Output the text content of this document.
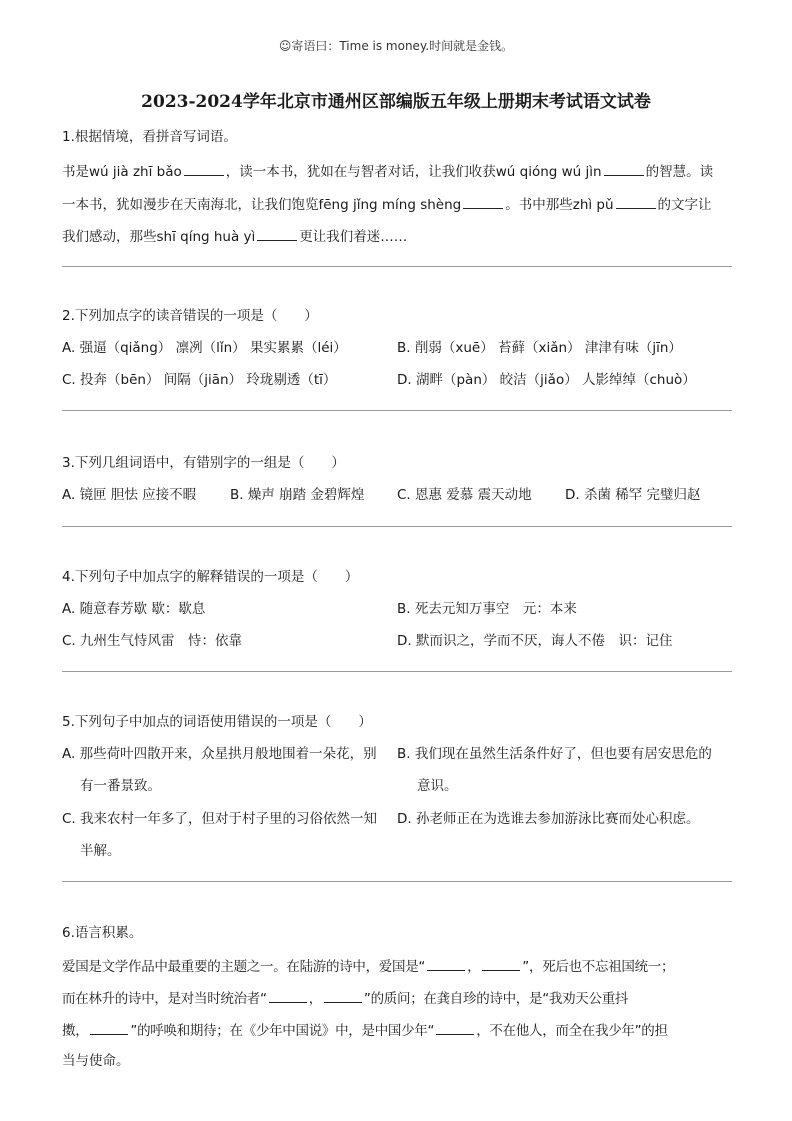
☺寄语曰：Time is money.时间就是金钱。
2023-2024学年北京市通州区部编版五年级上册期末考试语文试卷
1.根据情境，看拼音写词语。
书是wú jià zhī bǎo	，读一本书，犹如在与智者对话，让我们收获wú qióng wú jìn	的智慧。读
一本书，犹如漫步在天南海北，让我们饱览fēng jǐng míng shèng	。书中那些zhì pǔ	的文字让
我们感动，那些shī qíng huà yì	更让我们着迷……
2.下列加点字的读音错误的一项是（　　）
A. 强逼（qiǎng） 凛冽（lǐn） 果实累累（léi）	B. 削弱（xuē） 苔藓（xiǎn） 津津有味（jīn）
C. 投奔（bēn） 间隔（jiān） 玲珑剔透（tī）	D. 湖畔（pàn） 皎洁（jiǎo） 人影绰绰（chuò）
3.下列几组词语中，有错别字的一组是（　　）
A. 镜匣 胆怯 应接不暇	B. 燥声 崩踏 金碧辉煌 C. 恩惠 爱慕 震天动地 D. 杀菌 稀罕 完璧归赵
4.下列句子中加点字的解释错误的一项是（　　）
A. 随意春芳歇 歇：歇息	B. 死去元知万事空　元：本来
C. 九州生气恃风雷　恃：依靠	D. 默而识之，学而不厌，诲人不倦　识：记住
5.下列句子中加点的词语使用错误的一项是（　　）
A. 那些荷叶四散开来，众星拱月般地围着一朵花，别
有一番景致。
B. 我们现在虽然生活条件好了，但也要有居安思危的
意识。
C. 我来农村一年多了，但对于村子里的习俗依然一知
半解。
D. 孙老师正在为选谁去参加游泳比赛而处心积虑。
6.语言积累。
爱国是文学作品中最重要的主题之一。在陆游的诗中，爱国是“	，	”，死后也不忘祖国统一；
而在林升的诗中，是对当时统治者“	，	”的质问；在龚自珍的诗中，是“我劝天公重抖
擞，	”的呼唤和期待；在《少年中国说》中，是中国少年“	，不在他人，而全在我少年”的担
当与使命。
